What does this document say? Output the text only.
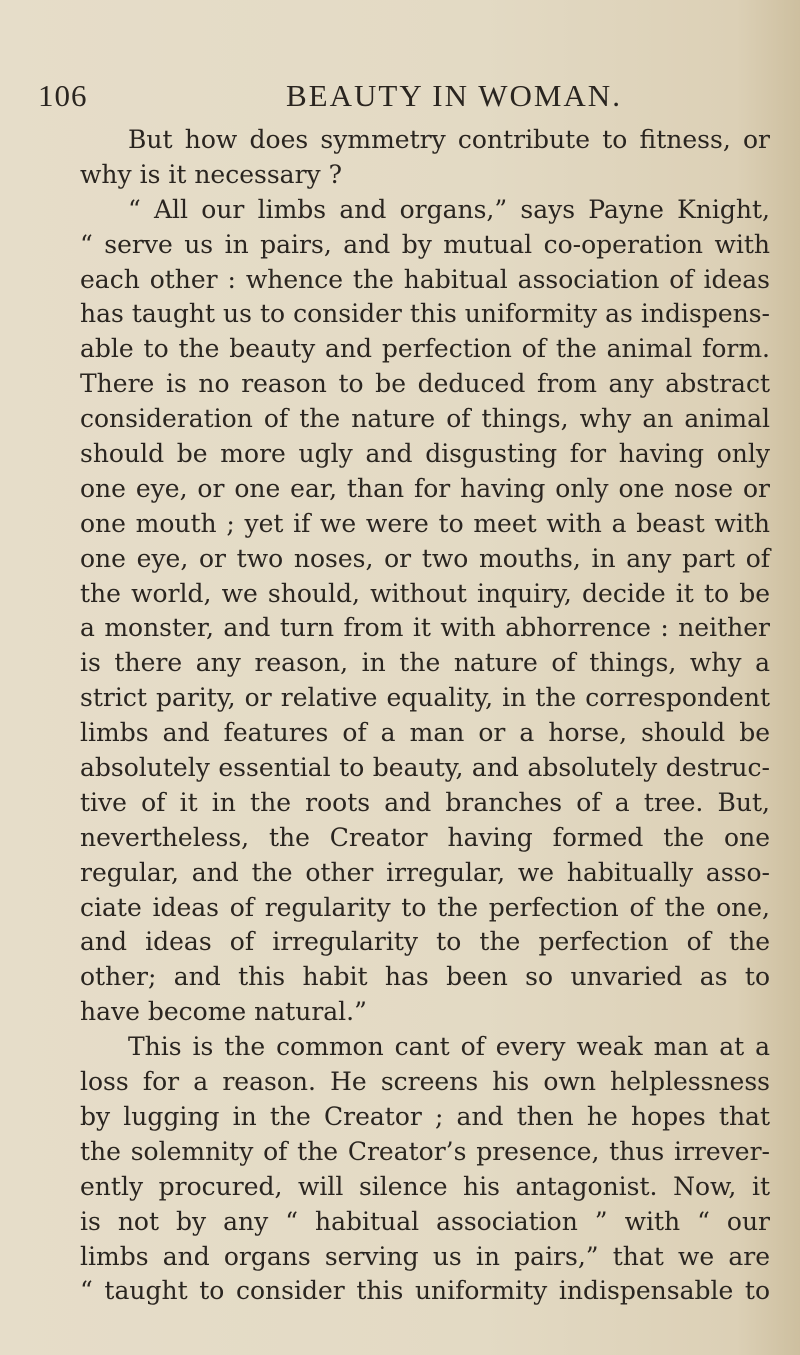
106	BEAUTY IN WOMAN.
But how does symmetry contribute to fitness, or
why is it necessary ?
“ All our limbs and organs,” says Payne Knight,
“ serve us in pairs, and by mutual co-operation with
each other : whence the habitual association of ideas
has taught us to consider this uniformity as indispens-
able to the beauty and perfection of the animal form.
There is no reason to be deduced from any abstract
consideration of the nature of things, why an animal
should be more ugly and disgusting for having only
one eye, or one ear, than for having only one nose or
one mouth ; yet if we were to meet with a beast with
one eye, or two noses, or two mouths, in any part of
the world, we should, without inquiry, decide it to be
a monster, and turn from it with abhorrence : neither
is there any reason, in the nature of things, why a
strict parity, or relative equality, in the correspondent
limbs and features of a man or a horse, should be
absolutely essential to beauty, and absolutely destruc-
tive of it in the roots and branches of a tree. But,
nevertheless, the Creator having formed the one
regular, and the other irregular, we habitually asso-
ciate ideas of regularity to the perfection of the one,
and ideas of irregularity to the perfection of the
other; and this habit has been so unvaried as to
have become natural.”
This is the common cant of every weak man at a
loss for a reason. He screens his own helplessness
by lugging in the Creator ; and then he hopes that
the solemnity of the Creator’s presence, thus irrever-
ently procured, will silence his antagonist. Now, it
is not by any “ habitual association ” with “ our
limbs and organs serving us in pairs,” that we are
“ taught to consider this uniformity indispensable to
